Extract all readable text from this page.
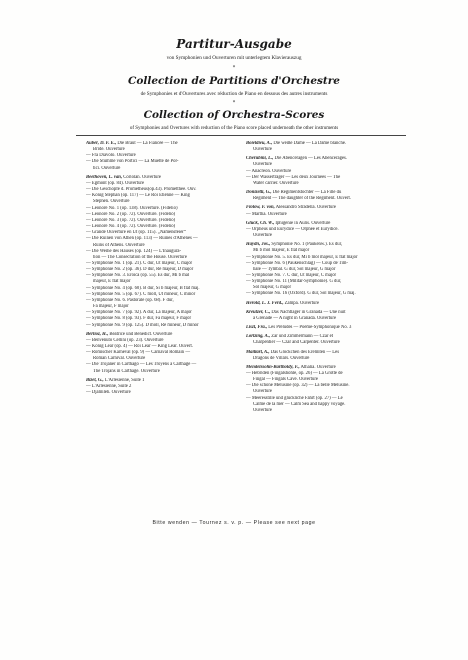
Partitur-Ausgabe
von Symphonien und Ouverturen mit unterlegtem Klavierauszug
*
Collection de Partitions d'Orchestre
de Symphonies et d'Ouvertures avec réduction de Piano en dessous des autres instruments
*
Collection of Orchestra-Scores
of Symphonies and Overtures with reduction of the Piano score placed underneath the other instruments
Auber, D. F. E., Die Braut — La Fiancée — The
Bride. Ouverture
— Fra Diavolo. Ouverture
— Die Stumme von Portici — La Muette de Por-
tici. Ouverture
Beethoven, L. van, Coriolan. Ouverture
— Egmont (op. 84). Ouverture
— Die Geschöpfe d. Prometheus(op.43). Prometthée. Ouv.
— König Stephan (op. 117) — Le Roi Étienne — King
Stephen. Ouverture
— Leonore No. 1 (op. 138). Ouverture. (Fidelio)
— Leonore No. 2 (op. 72). Ouverture. (Fidelio)
— Leonore No. 3 (op. 72). Ouverture. (Fidelio)
— Leonore No. 4 (op. 72). Ouverture. (Fidelio)
— Grande Ouverture en Ut (op. 115). „Namensfeier“
— Die Ruinen von Athen (op. 113) — Ruines d'Athènes —
Ruins of Athens. Ouverture
— Die Weihe des Hauses (op. 124) — L'Inaugura-
tion — The Consecration of the House. Ouverture
— Symphonie No. 1 (op. 21). C dur, Ut majeur, C major
— Symphonie No. 2 (op. 36). D dur, Ré majeur, D major
— Symphonie No. 3. Eroica (op. 55). Es dur, Mi b mal
majeur, E flat major
— Symphonie No. 4 (op. 60). B dur, Si b majeur, B flat maj.
— Symphonie No. 5 (op. 67). C moll, Ut mineur, C minor
— Symphonie No. 6. Pastorale (op. 68). F dur,
Fa majeur, F major
— Symphonie No. 7 (op. 92). A dur, La majeur, A major
— Symphonie No. 8 (op. 93). F dur, Fa majeur, F major
— Symphonie No. 9 (op. 125). D moll, Ré mineur, D minor
Berlioz, H., Béatrice und Benedict. Ouverture
— Benvenuto Cellini (op. 23). Ouverture
— König Lear (op. 4) — Roi Lear — King Lear. Ouvert.
— Römischer Karneval (op. 9) — Carnaval Romain —
Roman Carnival. Ouverture
— Die Trojaner in Carthago — Les Troyens à Carthage —
The Trojans in Carthage. Ouverture
Bizet, G., L'Arlésienne, Suite 1
— L'Arlésienne, Suite 2
— Djamileh. Ouverture
Boieldieu, A., Die weiße Dame — La Dame blanche.
Ouverture
Cherubini, L., Die Abenceragen — Les Abencerages.
Ouverture
— Anacreon. Ouverture
— Der Wasserträger — Les deux Journées — The
Water carrier. Ouverture
Donizetti, G., Die Regimentstochter — La Fille du
Régiment — The daughter of the Regiment. Ouvert.
Flotow, F. von, Alessandro Stradella. Ouverture
— Martha. Ouverture
Gluck, Ch. W., Iphigenie in Aulis. Ouverture
— Orpheus und Eurydice — Orphée et Eurydice.
Ouverture
Haydn, Jos., Symphonie No. 1 (Paukenw.). Es dur,
Mi b mol majeur, E flat major
— Symphonie No. 5. Es dur, Mi b mol majeur, E flat major
— Symphonie No. 6 (Paukenschlag) — Coup de Tim-
bale — Tymbal. G dur, Sol majeur, G major
— Symphonie No. 7. C dur, Ut majeur, C major
— Symphonie No. 11 (Militär-Symphonie). G dur,
Sol majeur, G major
— Symphonie No. 16 (Oxford). G dur, Sol majeur, G maj.
Herold, L. J. Ferd., Zampa. Ouverture
Kreutzer, C., Das Nachtlager in Granada — Une nuit
à Grenade — A night in Granada. Ouverture
Liszt, Fra., Les Préludes — Poème-Symphonique No. 3
Lortzing, A., Zar und Zimmermann — Czar et
Charpentier — Czar and Carpenter. Ouverture
Maillart, A., Das Glöckchen des Eremiten — Les
Dragons de Villars. Ouverture
Mendelssohn-Bartholdy, F., Athalia. Ouverture
— Hebriden (Fingalshöhle, op. 26) — La Grotte de
Fingal — Fingals Cave. Ouverture
— Die schöne Melusine (op. 32) — La belle Mélusine.
Ouverture
— Meeresstille und glückliche Fahrt (op. 27) — Le
Calme de la mer — Calm Sea and happy voyage.
Ouverture
Bitte wenden — Tournez s. v. p. — Please see next page
